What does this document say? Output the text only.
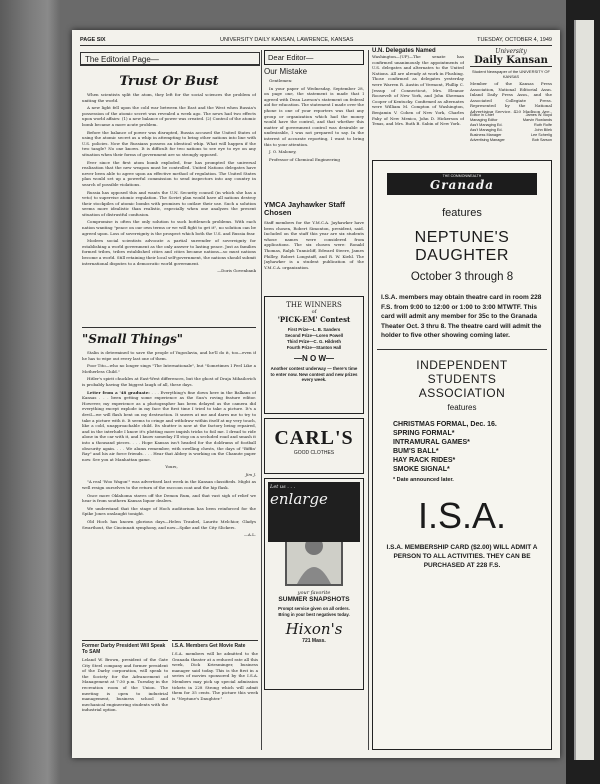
PAGE SIX	UNIVERSITY DAILY KANSAN, LAWRENCE, KANSAS	TUESDAY, OCTOBER 4, 1949
The Editorial Page—
Trust Or Bust

When scientists split the atom, they left for the social sciences the problem of uniting the world.

A new light fell upon the cold war between the East and the West when Russia's possession of the atomic secret was revealed a week ago. The news had two effects upon world affairs: (1) a new balance of power was created. (2) Control of the atomic bomb became a more acute problem.

Before the balance of power was disrupted, Russia accused the United States of using the atomic secret as a whip in attempting to bring other nations into line with U.S. policies. Now the Russians possess an identical whip. What will happen if the two tangle? No one knows. It is difficult for two nations to see eye to eye on any situation when their forms of government are so strongly opposed.

Ever since the first atom bomb exploded, fear has prompted the universal realization that the new weapon must be controlled. United Nations delegates have never been able to agree upon an effective method of regulation. The United States plan would set up a powerful commission to send inspectors into any country in search of possible violations.

Russia has opposed this and wants the U.N. Security council (in which she has a veto) to supervise atomic regulation. The Soviet plan would have all nations destroy their stockpiles of atomic bombs with promises to outlaw their use. Such a solution seems more idealistic than realistic, especially when one analyzes the present situation of distrustful confusion.

Compromise is often the only solution to such bottleneck problems. With each nation wanting "peace on our own terms or we will fight to get it", no solution can be agreed upon. Loss of sovereignty is the prospect which both the U.S. and Russia fear.

Modern social scientists advocate a partial surrender of sovereignty for establishing a world government as the only answer to lasting peace. Just as families formed tribes, tribes established cities and cities became nations—so must nations become a world. Still retaining their local self-government, the nations should submit international disputes to a democratic world government.

—Doris Govenbank

"Small Things"

Stalin is determined to save the people of Yugoslavia, and he'll do it, too—even if he has to wipe out every last one of them.

Poor Tito—who no longer sings "The Internationale", but "Sometimes I Feel Like a Motherless Child."

Hitler's spirit chuckles at East-West differences, but the ghost of Draja Mihailovich is probably having the biggest laugh of all, these days.

Letter from a '48 graduate: . . . Everything's fine down here in the Balkans of Kansas . . . been getting some experience as the Sun's roving feature editor. However, my experience as a photographer has been delayed as the camera did everything except explode in my face the first time I tried to take a picture. It's a devil—we will flash bent on my destruction. It sneers at me and dares me to try to take a picture with it. It seems to cringe and withdraw within itself at my very touch, like a cold, unapproachable child. Its shutter is now at the factory being repaired, and in the interlude I know it's plotting more impish tricks to foil me. I dread to ride alone in the car with it, and I know someday I'll stop on a secluded road and smash it into a thousand pieces. . . . Hope Kansas isn't headed for the doldrums of football obscurity again. . . . We alums remember, with swelling chests, the days of "Biffin' Ray" and his air force friends. . . . Hear that Abbey is working on the Chanute paper now. See you at Manhattan game.

Yours,

Jim J.

"A real 'Woo Wagon'" was advertised last week in the Kansan classifieds. Might as well resign ourselves to the return of the raccoon coat and the hip flask.

Once more Oklahoma staves off the Demon Rum, and that vast sigh of relief we hear is from southern Kansas liquor dealers.

We understand that the stage of Hoch auditorium has been reinforced for the Spike Jones onslaught tonight.

Old Hoch has known glorious days—Helen Traubel, Lauritz Melchior, Gladys Swarthout, the Cincinnati symphony, and now—Spike and the City Slickers.

—A.L.

Former Darby President Will Speak To SAM
Leland W. Brown, president of the Gate City Steel company and former president of the Darby corporation, will speak to the Society for the Advancement of Management at 7:30 p.m. Tuesday in the recreation room of the Union. The meeting is open to industrial management, business school and mechanical engineering students with the industrial option.
I.S.A. Members Get Movie Rate
I.S.A. members will be admitted to the Granada theater at a reduced rate all this week, Dick Kriesminger, business manager said today. This is the first in a series of movies sponsored by the I.S.A. Members may pick up special admission tickets in 228 Strong which will admit them for 35 cents. The picture this week is "Neptune's Daughter."
Dear Editor—
Our Mistake

Gentlemen:

In your paper of Wednesday, September 28, on page one, the statement is made that I agreed with Dean Lawson's statement on federal aid for education. The statement I made over the phone is one of your reporters was that any group or organization which had the money would have the control, and that whether this matter of government control was desirable or undesirable, I was not prepared to say. In the interest of accurate reporting, I want to bring this to your attention.

J. O. Maloney,

Professor of Chemical Engineering

YMCA Jayhawker Staff Chosen
Staff members for the Y.M.C.A. Jayhawker have been chosen, Robert Simonton, president, said. Included on the staff this year are six students whose names were considered from applications. The six chosen were: Ronald Thomas, Ralph Tunnicliff, Edward Steere, James Philley, Robert Longstaff, and R. W. Kiehl. The Jayhawker is a student publication of the Y.M.C.A. organization.
THE WINNERS
of
'PICK-EM' Contest
First Prize—L. B. Sanders
Second Prize—Loren Powell
Third Prize—C. G. Hildreth
Fourth Prize—Stanton Hall
—N O W—
Another contest underway — there's time to enter now. New contest and new prizes every week.
CARL'S
GOOD CLOTHES
Let us . . .
enlarge
your favorite
SUMMER SNAPSHOTS
Prompt service given on all orders. Bring in your best negatives today.
Hixon's
721 Mass.
U.N. Delegates Named
Washington—(UP)—The senate has confirmed unanimously the appointments of U.S. delegates and alternates to the United Nations. All are already at work in Flushing. Those confirmed as delegates yesterday were Warren R. Austin of Vermont, Phillip C. Jessup of Connecticut, Mrs. Eleanor Roosevelt of New York, and John Sherman Cooper of Kentucky. Confirmed as alternates were William M. Compton of Washington, Benjamin V. Cohen of New York, Charles Fahy of New Mexico, John D. Hickerson of Texas, and Mrs. Ruth B. Sabin of New York.
University
Daily Kansan
Student Newspaper of the UNIVERSITY OF KANSAS
Member of the Kansas Press Association, National Editorial Assn. Inland Daily Press Assn., and the Associated Collegiate Press. Represented by the National Advertising Service, 420 Madison Ave.,
Editor in Chief	James W. Boyd
Managing Editor	Marvin Rowlands
Ass't Managing Ed.	Ruth Rolfe
Ass't Managing Ed.	John Bilek
Business Manager	Lee Scherlig
Advertising Manager	Bob Sarson
THE COMMONWEALTH
Granada
features
NEPTUNE'S
DAUGHTER
October 3 through 8
I.S.A. members may obtain theatre card in room 228 F.S. from 9:00 to 12:00 or 1:00 to 3:00 MTWTF. This card will admit any member for 35c to the Granada Theater Oct. 3 thru 8. The theatre card will admit the holder to five other showing coming later.
INDEPENDENT
STUDENTS
ASSOCIATION
features
CHRISTMAS FORMAL, Dec. 16.
SPRING FORMAL*
INTRAMURAL GAMES*
BUM'S BALL*
HAY RACK RIDES*
SMOKE SIGNAL*
* Date announced later.
I.S.A.
I.S.A. MEMBERSHIP CARD ($2.00) WILL ADMIT A PERSON TO ALL ACTIVITIES. THEY CAN BE PURCHASED AT 228 F.S.
